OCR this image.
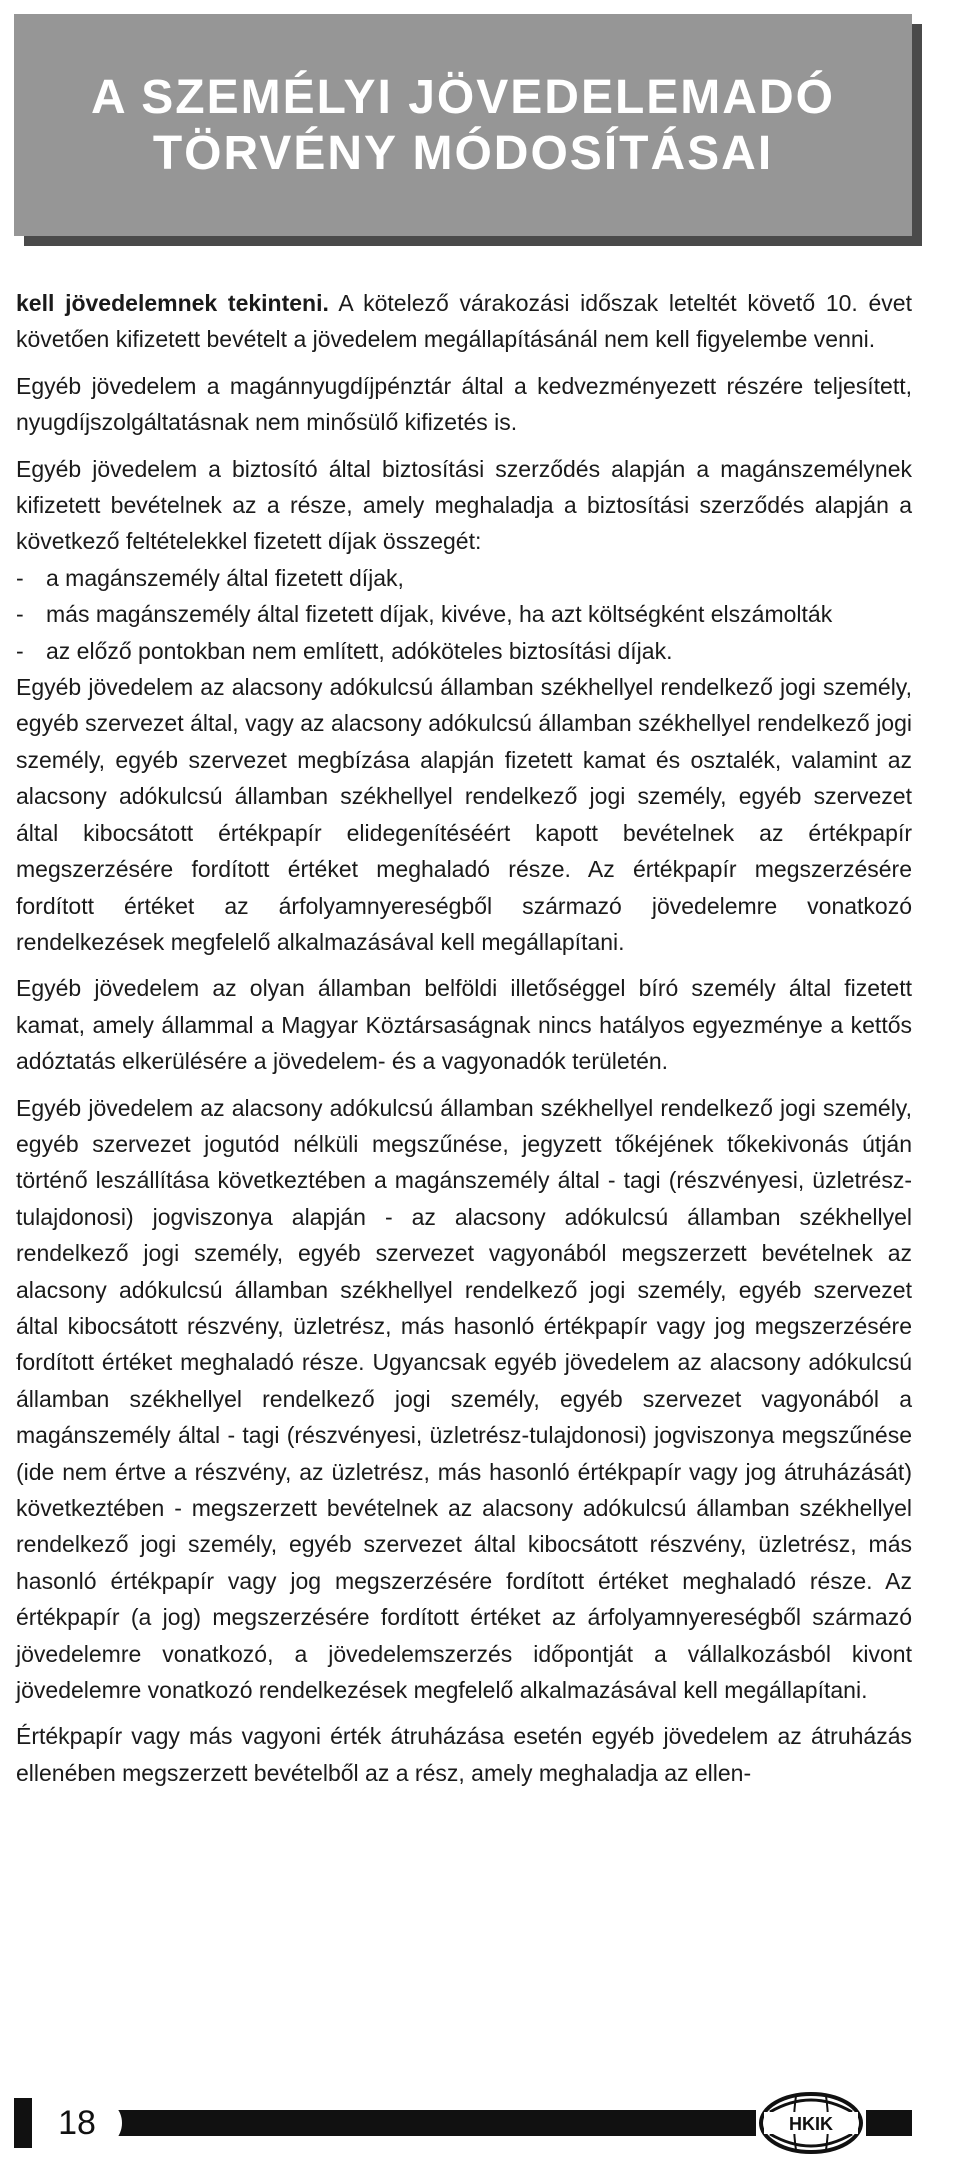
A SZEMÉLYI JÖVEDELEMADÓ
TÖRVÉNY MÓDOSÍTÁSAI

kell jövedelemnek tekinteni. A kötelező várakozási időszak leteltét követő 10. évet követően kifizetett bevételt a jövedelem megállapításánál nem kell figyelembe venni.

Egyéb jövedelem a magánnyugdíjpénztár által a kedvezményezett részére teljesített, nyugdíjszolgáltatásnak nem minősülő kifizetés is.

Egyéb jövedelem a biztosító által biztosítási szerződés alapján a magánszemélynek kifizetett bevételnek az a része, amely meghaladja a biztosítási szerződés alapján a következő feltételekkel fizetett díjak összegét:

- a magánszemély által fizetett díjak,
- más magánszemély által fizetett díjak, kivéve, ha azt költségként elszámolták
- az előző pontokban nem említett, adóköteles biztosítási díjak.

Egyéb jövedelem az alacsony adókulcsú államban székhellyel rendelkező jogi személy, egyéb szervezet által, vagy az alacsony adókulcsú államban székhellyel rendelkező jogi személy, egyéb szervezet megbízása alapján fizetett kamat és osztalék, valamint az alacsony adókulcsú államban székhellyel rendelkező jogi személy, egyéb szervezet által kibocsátott értékpapír elidegenítéséért kapott bevételnek az értékpapír megszerzésére fordított értéket meghaladó része. Az értékpapír megszerzésére fordított értéket az árfolyamnyereségből származó jövedelemre vonatkozó rendelkezések megfelelő alkalmazásával kell megállapítani.

Egyéb jövedelem az olyan államban belföldi illetőséggel bíró személy által fizetett kamat, amely állammal a Magyar Köztársaságnak nincs hatályos egyezménye a kettős adóztatás elkerülésére a jövedelem- és a vagyonadók területén.

Egyéb jövedelem az alacsony adókulcsú államban székhellyel rendelkező jogi személy, egyéb szervezet jogutód nélküli megszűnése, jegyzett tőkéjének tőkekivonás útján történő leszállítása következtében a magánszemély által - tagi (részvényesi, üzletrész-tulajdonosi) jogviszonya alapján - az alacsony adókulcsú államban székhellyel rendelkező jogi személy, egyéb szervezet vagyonából megszerzett bevételnek az alacsony adókulcsú államban székhellyel rendelkező jogi személy, egyéb szervezet által kibocsátott részvény, üzletrész, más hasonló értékpapír vagy jog megszerzésére fordított értéket meghaladó része. Ugyancsak egyéb jövedelem az alacsony adókulcsú államban székhellyel rendelkező jogi személy, egyéb szervezet vagyonából a magánszemély által - tagi (részvényesi, üzletrész-tulajdonosi) jogviszonya megszűnése (ide nem értve a részvény, az üzletrész, más hasonló értékpapír vagy jog átruházását) következtében - megszerzett bevételnek az alacsony adókulcsú államban székhellyel rendelkező jogi személy, egyéb szervezet által kibocsátott részvény, üzletrész, más hasonló értékpapír vagy jog megszerzésére fordított értéket meghaladó része. Az értékpapír (a jog) megszerzésére fordított értéket az árfolyamnyereségből származó jövedelemre vonatkozó, a jövedelemszerzés időpontját a vállalkozásból kivont jövedelemre vonatkozó rendelkezések megfelelő alkalmazásával kell megállapítani.

Értékpapír vagy más vagyoni érték átruházása esetén egyéb jövedelem az átruházás ellenében megszerzett bevételből az a rész, amely meghaladja az ellen-

18	HKIK
